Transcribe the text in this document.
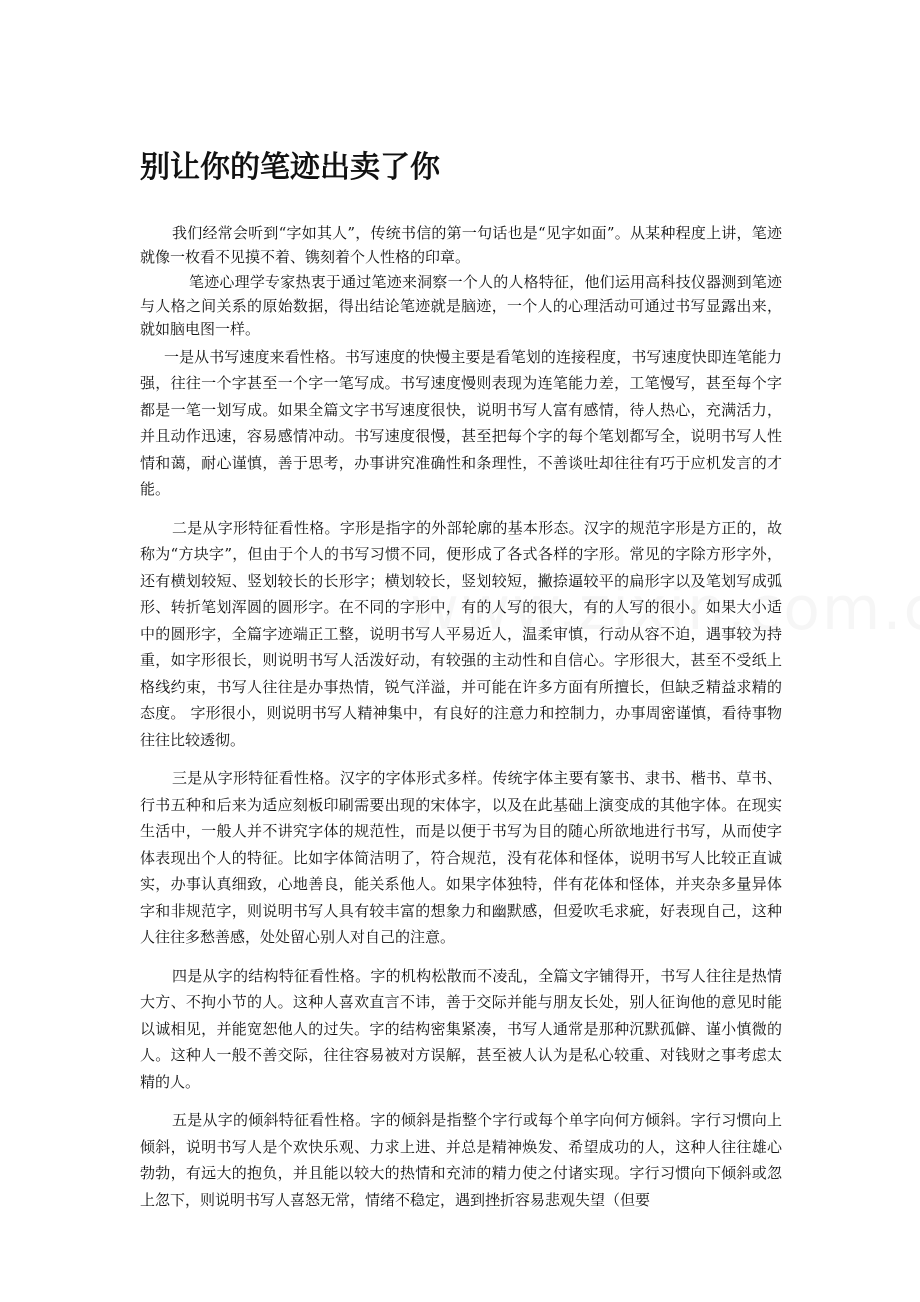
别让你的笔迹出卖了你

我们经常会听到“字如其人”，传统书信的第一句话也是“见字如面”。从某种程度上讲，笔迹就像一枚看不见摸不着、镌刻着个人性格的印章。

笔迹心理学专家热衷于通过笔迹来洞察一个人的人格特征，他们运用高科技仪器测到笔迹与人格之间关系的原始数据，得出结论笔迹就是脑迹，一个人的心理活动可通过书写显露出来，就如脑电图一样。

一是从书写速度来看性格。书写速度的快慢主要是看笔划的连接程度，书写速度快即连笔能力强，往往一个字甚至一个字一笔写成。书写速度慢则表现为连笔能力差，工笔慢写，甚至每个字都是一笔一划写成。如果全篇文字书写速度很快，说明书写人富有感情，待人热心，充满活力，并且动作迅速，容易感情冲动。书写速度很慢，甚至把每个字的每个笔划都写全，说明书写人性情和蔼，耐心谨慎，善于思考，办事讲究准确性和条理性，不善谈吐却往往有巧于应机发言的才能。

二是从字形特征看性格。字形是指字的外部轮廓的基本形态。汉字的规范字形是方正的，故称为“方块字”，但由于个人的书写习惯不同，便形成了各式各样的字形。常见的字除方形字外，还有横划较短、竖划较长的长形字；横划较长，竖划较短，撇捺逼较平的扁形字以及笔划写成弧形、转折笔划浑圆的圆形字。在不同的字形中，有的人写的很大，有的人写的很小。如果大小适中的圆形字，全篇字迹端正工整，说明书写人平易近人，温柔审慎，行动从容不迫，遇事较为持重，如字形很长，则说明书写人活泼好动，有较强的主动性和自信心。字形很大，甚至不受纸上格线约束，书写人往往是办事热情，锐气洋溢，并可能在许多方面有所擅长，但缺乏精益求精的态度。 字形很小，则说明书写人精神集中，有良好的注意力和控制力，办事周密谨慎，看待事物往往比较透彻。

三是从字形特征看性格。汉字的字体形式多样。传统字体主要有篆书、隶书、楷书、草书、行书五种和后来为适应刻板印刷需要出现的宋体字，以及在此基础上演变成的其他字体。在现实生活中，一般人并不讲究字体的规范性，而是以便于书写为目的随心所欲地进行书写，从而使字体表现出个人的特征。比如字体简洁明了，符合规范，没有花体和怪体，说明书写人比较正直诚实，办事认真细致，心地善良，能关系他人。如果字体独特，伴有花体和怪体，并夹杂多量异体字和非规范字，则说明书写人具有较丰富的想象力和幽默感，但爱吹毛求疵，好表现自己，这种人往往多愁善感，处处留心别人对自己的注意。

四是从字的结构特征看性格。字的机构松散而不凌乱，全篇文字铺得开，书写人往往是热情大方、不拘小节的人。这种人喜欢直言不讳，善于交际并能与朋友长处，别人征询他的意见时能以诚相见，并能宽恕他人的过失。字的结构密集紧凑，书写人通常是那种沉默孤僻、谨小慎微的人。这种人一般不善交际，往往容易被对方误解，甚至被人认为是私心较重、对钱财之事考虑太精的人。

五是从字的倾斜特征看性格。字的倾斜是指整个字行或每个单字向何方倾斜。字行习惯向上倾斜，说明书写人是个欢快乐观、力求上进、并总是精神焕发、希望成功的人，这种人往往雄心勃勃，有远大的抱负，并且能以较大的热情和充沛的精力使之付诸实现。字行习惯向下倾斜或忽上忽下，则说明书写人喜怒无常，情绪不稳定，遇到挫折容易悲观失望（但要
